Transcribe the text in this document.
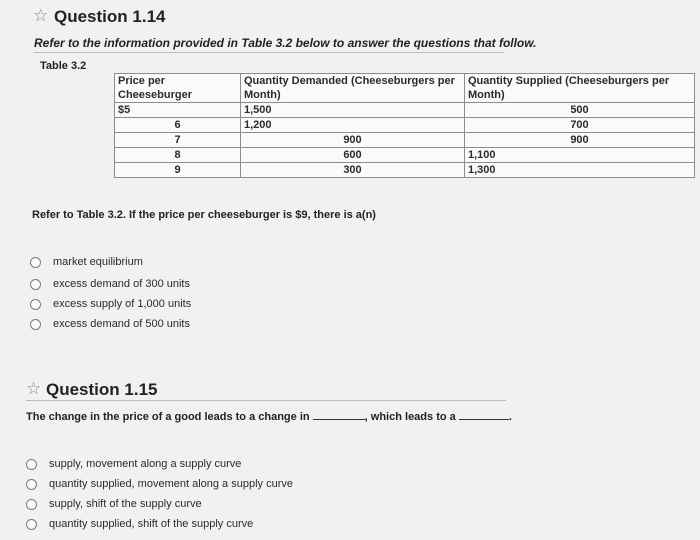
☆ Question 1.14
Refer to the information provided in Table 3.2 below to answer the questions that follow.
Table 3.2
Price per Cheeseburger	Quantity Demanded (Cheeseburgers per Month)	Quantity Supplied (Cheeseburgers per Month)
$5	1,500	500
6	1,200	700
7	900	900
8	600	1,100
9	300	1,300
Refer to Table 3.2. If the price per cheeseburger is $9, there is a(n)
market equilibrium
excess demand of 300 units
excess supply of 1,000 units
excess demand of 500 units
☆ Question 1.15
The change in the price of a good leads to a change in	, which leads to a	.
supply, movement along a supply curve
quantity supplied, movement along a supply curve
supply, shift of the supply curve
quantity supplied, shift of the supply curve
